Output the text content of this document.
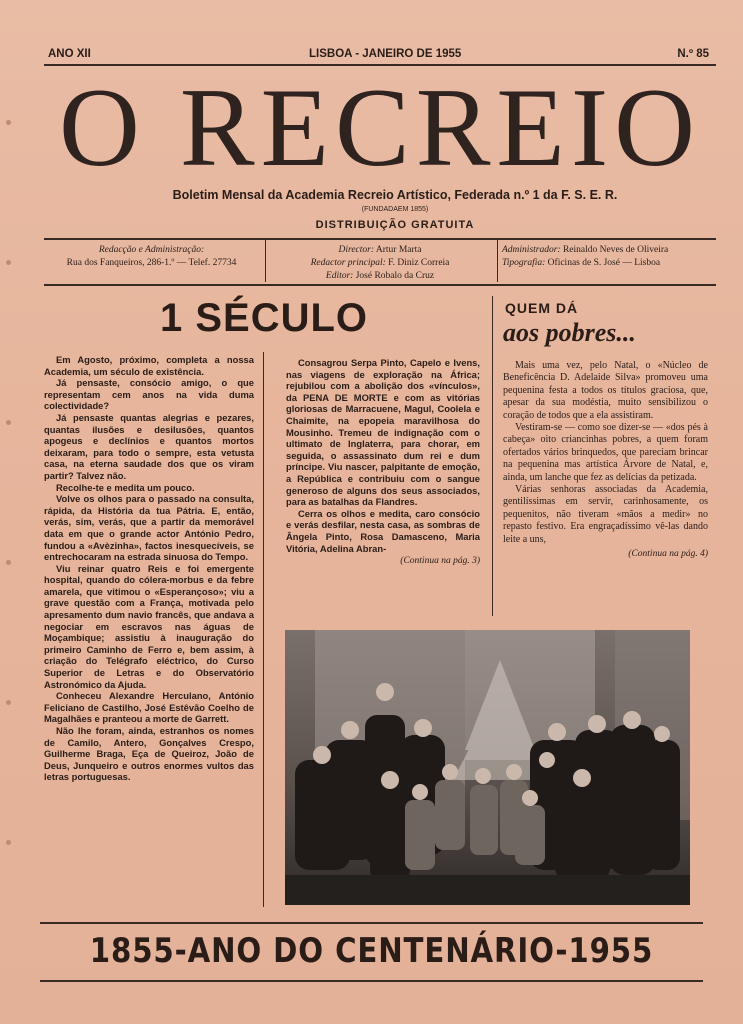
ANO XII	LISBOA - JANEIRO DE 1955	N.º 85
O RECREIO
Boletim Mensal da Academia Recreio Artístico, Federada n.º 1 da F. S. E. R.
(FUNDADAEM 1855)
DISTRIBUIÇÃO GRATUITA
Redacção e Administração:
Rua dos Fanqueiros, 286-1.º — Telef. 27734
Director: Artur Marta
Redactor principal: F. Diniz Correia
Editor: José Robalo da Cruz
Administrador: Reinaldo Neves de Oliveira
Tipografia: Oficinas de S. José — Lisboa
1 SÉCULO

Em Agosto, próximo, completa a nossa Academia, um século de existência.

Já pensaste, consócio amigo, o que representam cem anos na vida duma colectividade?

Já pensaste quantas alegrias e pezares, quantas ilusões e desilusões, quantos apogeus e declínios e quantos mortos deixaram, para todo o sempre, esta vetusta casa, na eterna saudade dos que os viram partir? Talvez não.

Recolhe-te e medita um pouco.

Volve os olhos para o passado na consulta, rápida, da História da tua Pátria. E, então, verás, sim, verás, que a partir da memorável data em que o grande actor António Pedro, fundou a «Avèzinha», factos inesquecíveis, se entrechocaram na estrada sinuosa do Tempo.

Viu reinar quatro Reis e foi emergente hospital, quando do cólera-morbus e da febre amarela, que vitimou o «Esperançoso»; viu a grave questão com a França, motivada pelo apresamento dum navio francês, que andava a negociar em escravos nas águas de Moçambique; assistiu à inauguração do primeiro Caminho de Ferro e, bem assim, à criação do Telégrafo eléctrico, do Curso Superior de Letras e do Observatório Astronómico da Ajuda.

Conheceu Alexandre Herculano, António Feliciano de Castilho, José Estêvão Coelho de Magalhães e pranteou a morte de Garrett.

Não lhe foram, ainda, estranhos os nomes de Camilo, Antero, Gonçalves Crespo, Guilherme Braga, Eça de Queiroz, João de Deus, Junqueiro e outros enormes vultos das letras portuguesas.

Consagrou Serpa Pinto, Capelo e Ivens, nas viagens de exploração na África; rejubilou com a abolição dos «vínculos», da PENA DE MORTE e com as vitórias gloriosas de Marracuene, Magul, Coolela e Chaimite, na epopeia maravilhosa do Mousinho. Tremeu de indignação com o ultimato de Inglaterra, para chorar, em seguida, o assassinato dum rei e dum príncipe. Viu nascer, palpitante de emoção, a República e contribuiu com o sangue generoso de alguns dos seus associados, para as batalhas da Flandres.

Cerra os olhos e medita, caro consócio e verás desfilar, nesta casa, as sombras de Ângela Pinto, Rosa Damasceno, Maria Vitória, Adelina Abran-

(Continua na pág. 3)
QUEM DÁ
aos pobres...

Mais uma vez, pelo Natal, o «Núcleo de Beneficência D. Adelaide Silva» promoveu uma pequenina festa a todos os títulos graciosa, que, apesar da sua modéstia, muito sensibilizou o coração de todos que a ela assistiram.

Vestiram-se — como soe dizer-se — «dos pés à cabeça» oito criancinhas pobres, a quem foram ofertados vários brinquedos, que pareciam brincar na pequenina mas artística Árvore de Natal, e, ainda, um lanche que fez as delícias da petizada.

Várias senhoras associadas da Academia, gentilíssimas em servir, carinhosamente, os pequenitos, não tiveram «mãos a medir» no repasto festivo. Era engraçadíssimo vê-las dando leite a uns,

(Continua na pág. 4)
1855-ANO DO CENTENÁRIO-1955
